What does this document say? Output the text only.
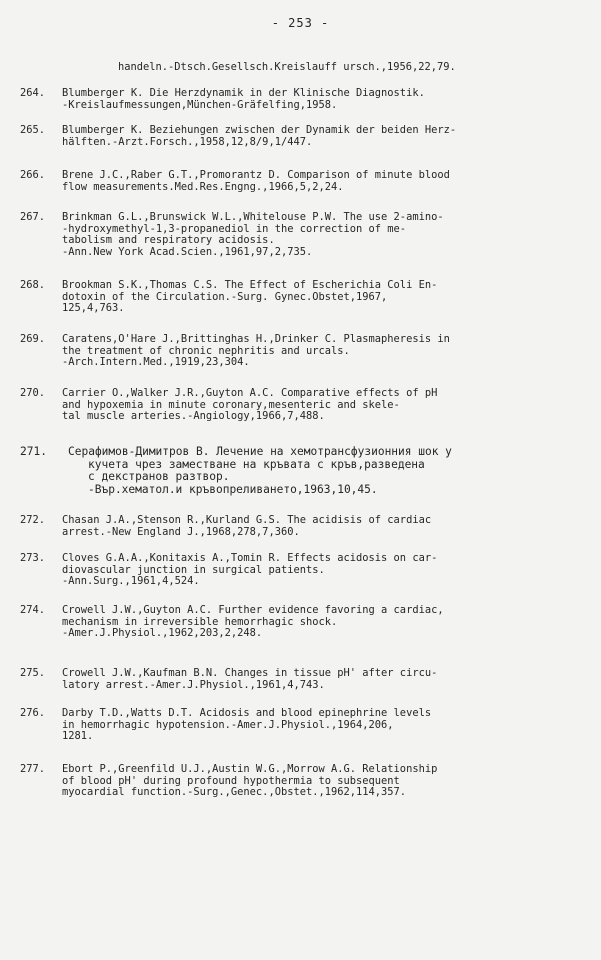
- 253 -
handeln.-Dtsch.Gesellsch.Kreislauff ursch.,1956,22,79.
264. Blumberger K. Die Herzdynamik in der Klinische Diagnostik.
-Kreislaufmessungen,München-Gräfelfing,1958.
265. Blumberger K. Beziehungen zwischen der Dynamik der beiden Herz-
hälften.-Arzt.Forsch.,1958,12,8/9,1/447.
266. Brene J.C.,Raber G.T.,Promorantz D. Comparison of minute blood
flow measurements.Med.Res.Engng.,1966,5,2,24.
267. Brinkman G.L.,Brunswick W.L.,Whitelouse P.W. The use 2-amino-
-hydroxymethyl-1,3-propanediol in the correction of me-
tabolism and respiratory acidosis.
-Ann.New York Acad.Scien.,1961,97,2,735.
268. Brookman S.K.,Thomas C.S. The Effect of Escherichia Coli En-
dotoxin of the Circulation.-Surg. Gynec.Obstet,1967,
125,4,763.
269. Caratens,O'Hare J.,Brittinghas H.,Drinker C. Plasmapheresis in
the treatment of chronic nephritis and urcals.
-Arch.Intern.Med.,1919,23,304.
270. Carrier O.,Walker J.R.,Guyton A.C. Comparative effects of pH
and hypoxemia in minute coronary,mesenteric and skele-
tal muscle arteries.-Angiology,1966,7,488.
271. Серафимов-Димитров В. Лечение на хемотрансфузионния шок у
кучета чрез заместване на кръвата с кръв,разведена
с декстранов разтвор.
-Вър.хематол.и кръвопреливането,1963,10,45.
272. Chasan J.A.,Stenson R.,Kurland G.S. The acidisis of cardiac
arrest.-New England J.,1968,278,7,360.
273. Cloves G.A.A.,Konitaxis A.,Tomin R. Effects acidosis on car-
diovascular junction in surgical patients.
-Ann.Surg.,1961,4,524.
274. Crowell J.W.,Guyton A.C. Further evidence favoring a cardiac,
mechanism in irreversible hemorrhagic shock.
-Amer.J.Physiol.,1962,203,2,248.
275. Crowell J.W.,Kaufman B.N. Changes in tissue pH' after circu-
latory arrest.-Amer.J.Physiol.,1961,4,743.
276. Darby T.D.,Watts D.T. Acidosis and blood epinephrine levels
in hemorrhagic hypotension.-Amer.J.Physiol.,1964,206,
1281.
277. Ebort P.,Greenfild U.J.,Austin W.G.,Morrow A.G. Relationship
of blood pH' during profound hypothermia to subsequent
myocardial function.-Surg.,Genec.,Obstet.,1962,114,357.
